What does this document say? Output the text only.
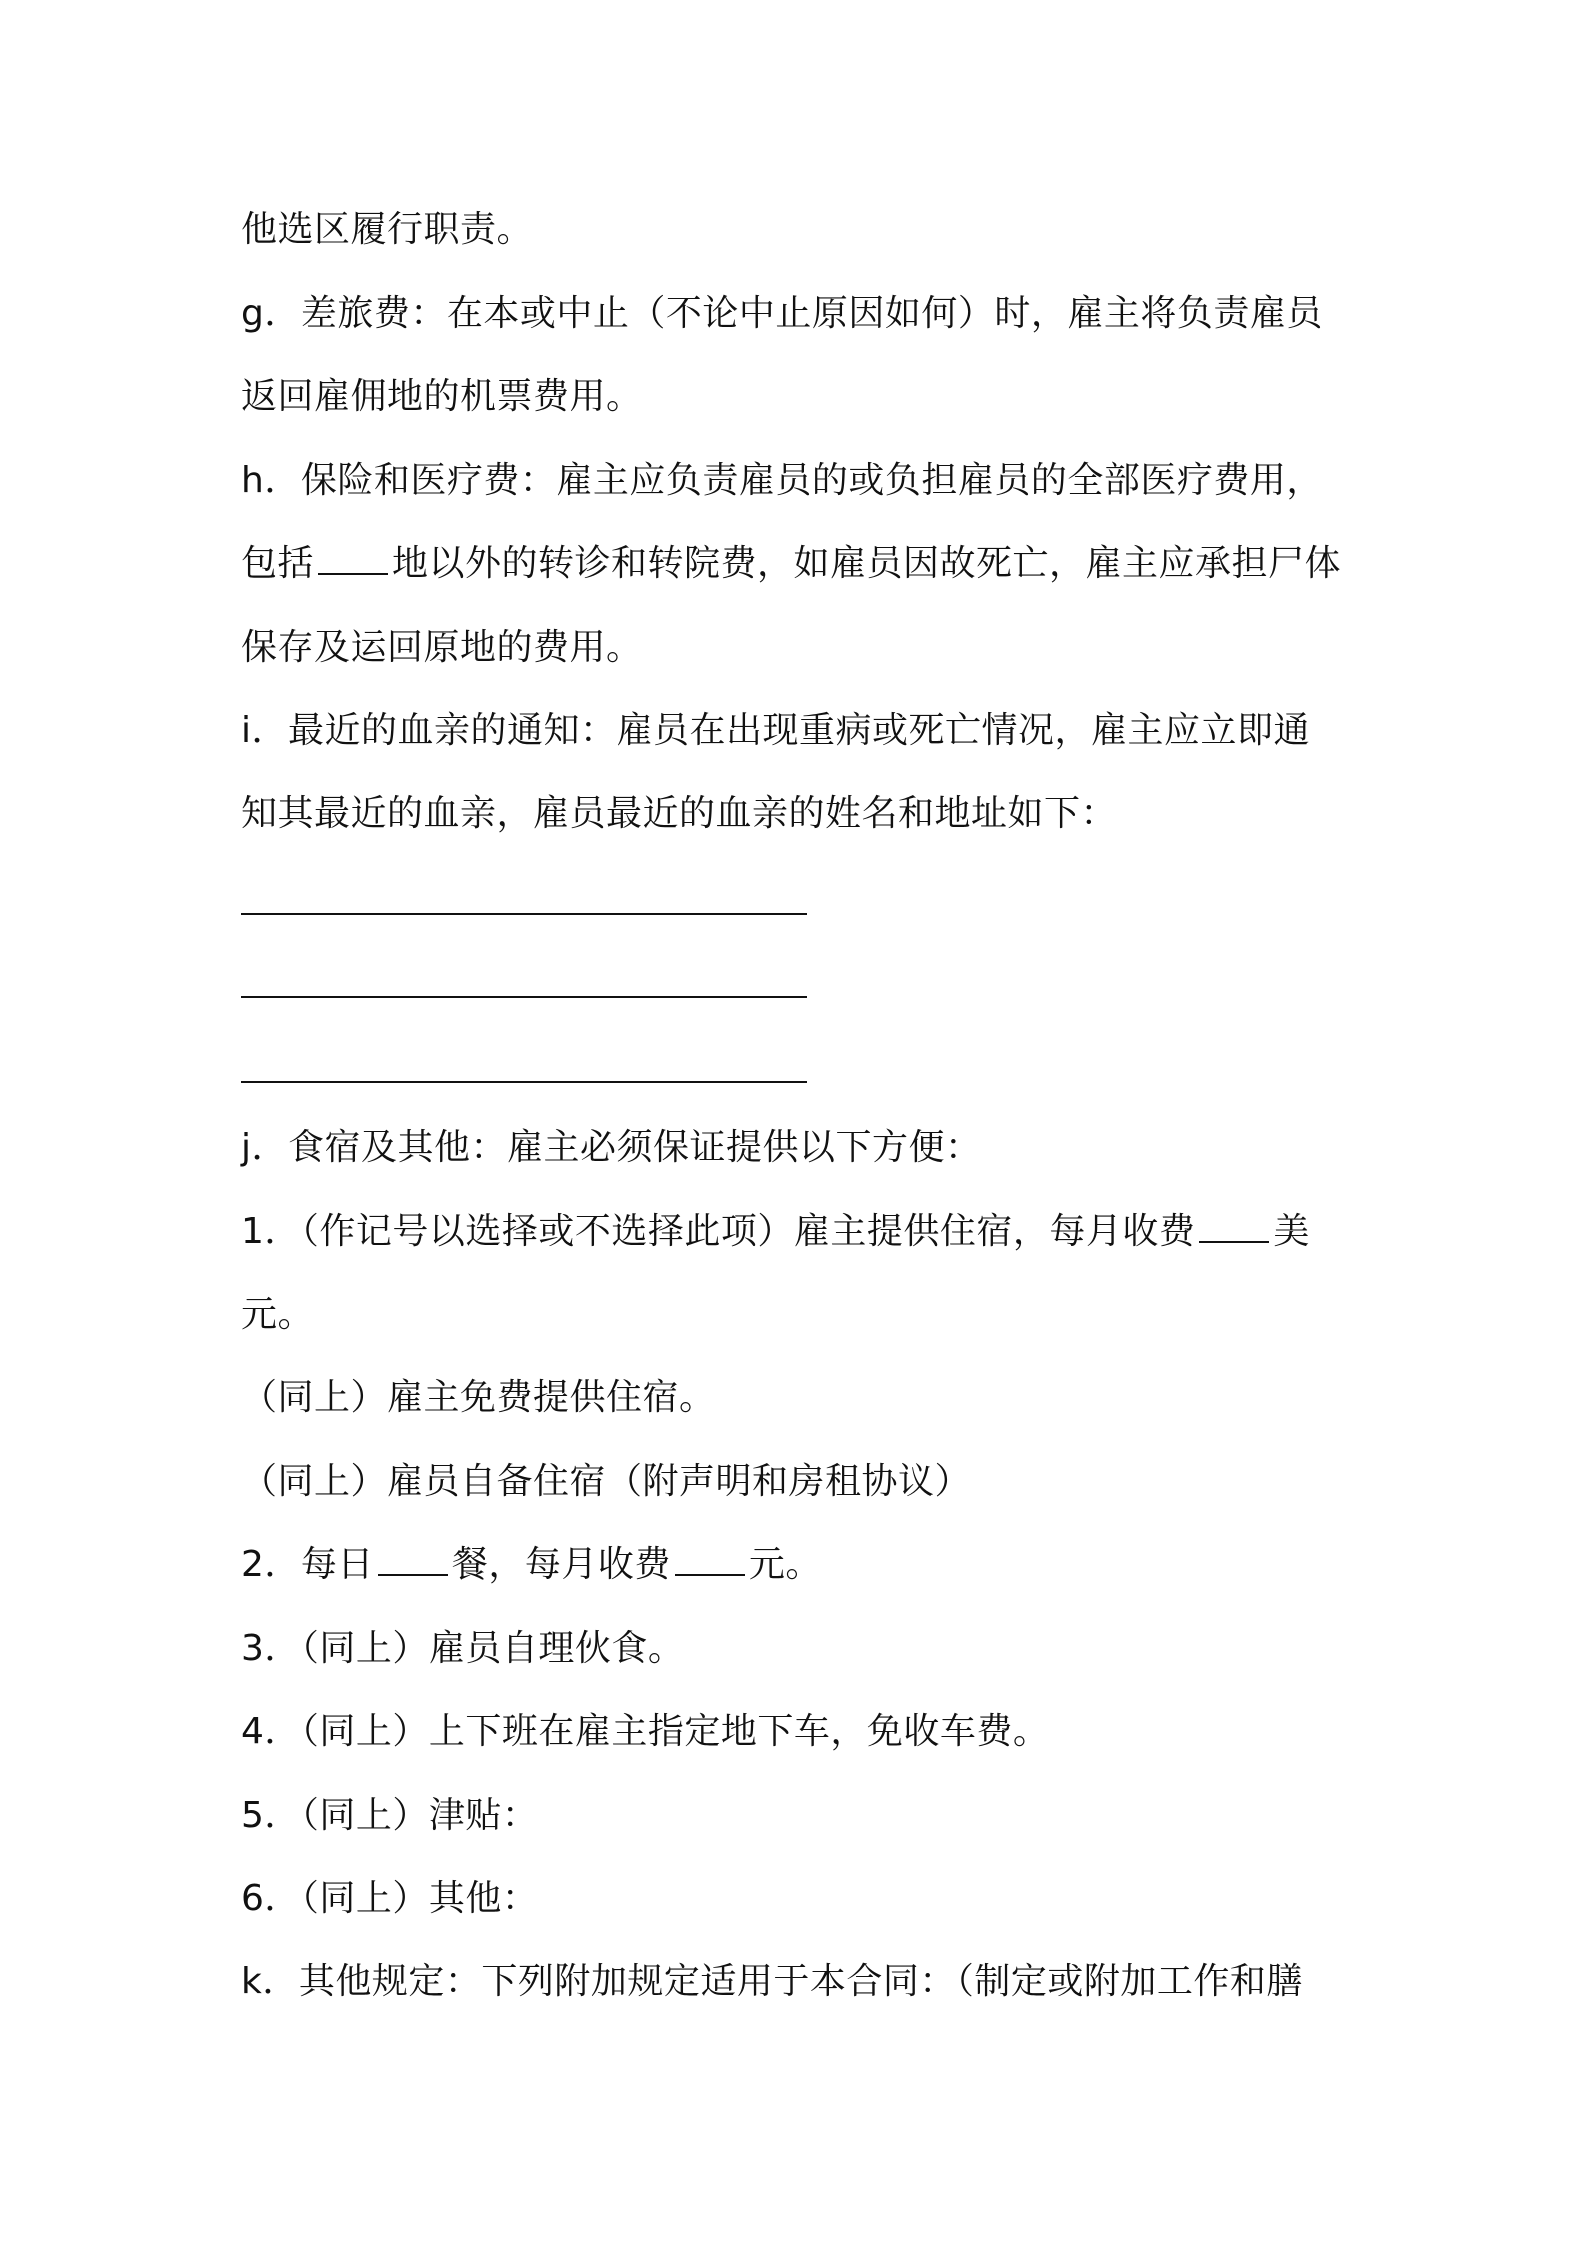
他选区履行职责。
g．差旅费：在本或中止（不论中止原因如何）时，雇主将负责雇员
返回雇佣地的机票费用。
h．保险和医疗费：雇主应负责雇员的或负担雇员的全部医疗费用，
包括 地以外的转诊和转院费，如雇员因故死亡，雇主应承担尸体
保存及运回原地的费用。
i．最近的血亲的通知：雇员在出现重病或死亡情况，雇主应立即通
知其最近的血亲，雇员最近的血亲的姓名和地址如下：
j．食宿及其他：雇主必须保证提供以下方便：
1．（作记号以选择或不选择此项）雇主提供住宿，每月收费 美
元。
（同上）雇主免费提供住宿。
（同上）雇员自备住宿（附声明和房租协议）
2．每日 餐，每月收费 元。
3．（同上）雇员自理伙食。
4．（同上）上下班在雇主指定地下车，免收车费。
5．（同上）津贴：
6．（同上）其他：
k．其他规定：下列附加规定适用于本合同：（制定或附加工作和膳
